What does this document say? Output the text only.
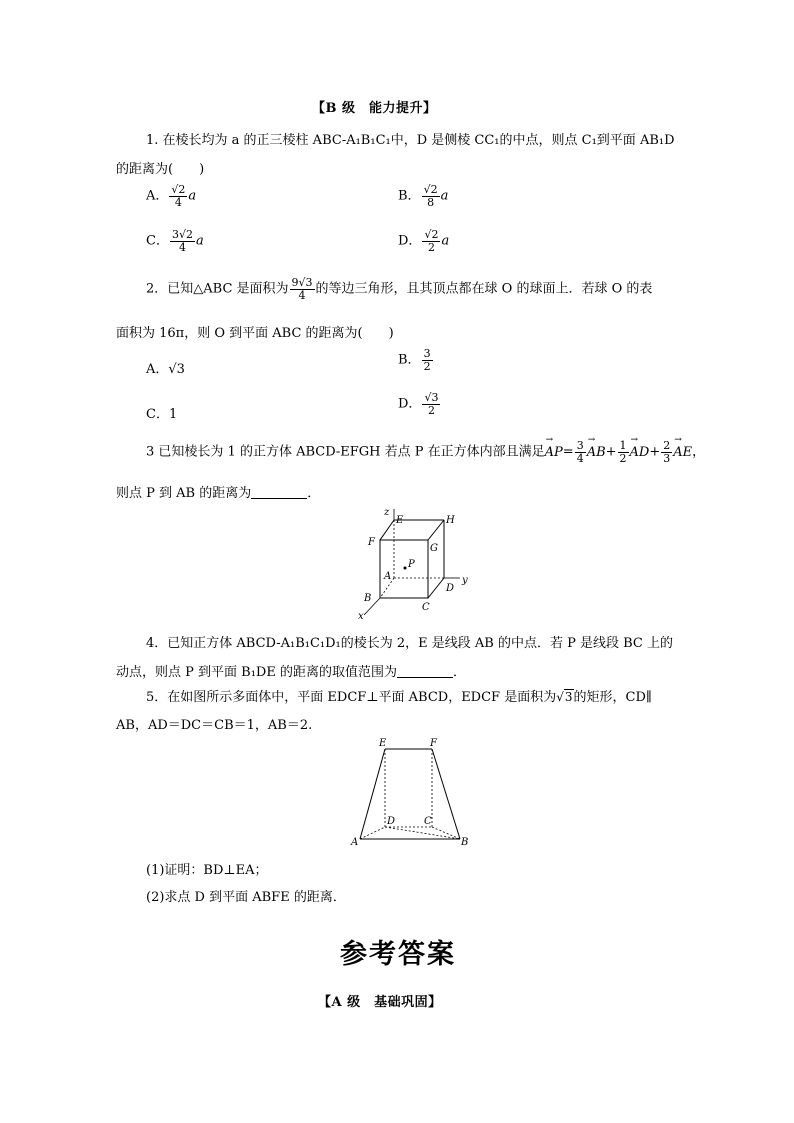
【B 级　能力提升】
1. 在棱长均为 a 的正三棱柱 ABC-A₁B₁C₁中，D 是侧棱 CC₁的中点，则点 C₁到平面 AB₁D
的距离为(　　)
A． $\frac{√2}{4}$ a	B． $\frac{√2}{8}$ a
C． $\frac{3√2}{4}$ a	D． $\frac{√2}{2}$ a
2．已知△ABC 是面积为 $\frac{9√3}{4}$ 的等边三角形，且其顶点都在球 O 的球面上．若球 O 的表
面积为 16π，则 O 到平面 ABC 的距离为(　　)
A．√3
B． $\frac{3}{2}$
C．1
D． $\frac{√3}{2}$
3 已知棱长为 1 的正方体 ABCD-EFGH 若点 P 在正方体内部且满足→ $AP= \frac{3}{4}$
→ $AB+ \frac{1}{2}$
→ $AD+ \frac{2}{3}$
→ AE，
则点 P 到 AB 的距离为	．
z
E	H
F
G
A
P
y
D
B
C
x
4．已知正方体 ABCD-A₁B₁C₁D₁的棱长为 2，E 是线段 AB 的中点．若 P 是线段 BC 上的
动点，则点 P 到平面 B₁DE 的距离的取值范围为	．
5．在如图所示多面体中，平面 EDCF⊥平面 ABCD，EDCF 是面积为√3的矩形，CD∥
AB，AD＝DC＝CB＝1，AB＝2.
E	F
D	C
A	B
(1)证明：BD⊥EA；
(2)求点 D 到平面 ABFE 的距离．
参考答案
【A 级　基础巩固】
